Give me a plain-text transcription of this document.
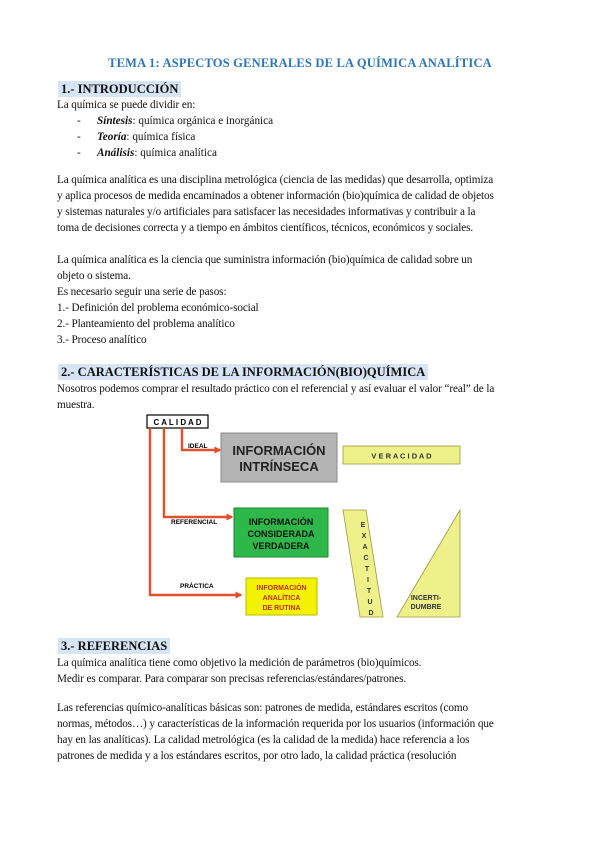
TEMA 1: ASPECTOS GENERALES DE LA QUÍMICA ANALÍTICA
1.- INTRODUCCIÓN
La química se puede dividir en:
- Síntesis: química orgánica e inorgánica
- Teoría: química física
- Análisis: química analítica
La química analítica es una disciplina metrológica (ciencia de las medidas) que desarrolla, optimiza
y aplica procesos de medida encaminados a obtener información (bio)química de calidad de objetos
y sistemas naturales y/o artificiales para satisfacer las necesidades informativas y contribuir a la
toma de decisiones correcta y a tiempo en ámbitos científicos, técnicos, económicos y sociales.
La química analítica es la ciencia que suministra información (bio)química de calidad sobre un
objeto o sistema.
Es necesario seguir una serie de pasos:
1.- Definición del problema económico-social
2.- Planteamiento del problema analítico
3.- Proceso analítico
2.- CARACTERÍSTICAS DE LA INFORMACIÓN(BIO)QUÍMICA
Nosotros podemos comprar el resultado práctico con el referencial y así evaluar el valor “real” de la
muestra.
C A L I D A D
IDEAL
REFERENCIAL
PRÁCTICA
INFORMACIÓN
INTRÍNSECA
V E R A C I D A D
INFORMACIÓN
CONSIDERADA
VERDADERA
E
X
A
C
T
I
T
U
D
INCERTI-
DUMBRE
INFORMACIÓN
ANALÍTICA
DE RUTINA
3.- REFERENCIAS
La química analítica tiene como objetivo la medición de parámetros (bio)químicos.
Medir es comparar. Para comparar son precisas referencias/estándares/patrones.
Las referencias químico-analíticas básicas son: patrones de medida, estándares escritos (como
normas, métodos…) y características de la información requerida por los usuarios (información que
hay en las analíticas). La calidad metrológica (es la calidad de la medida) hace referencia a los
patrones de medida y a los estándares escritos, por otro lado, la calidad práctica (resolución
